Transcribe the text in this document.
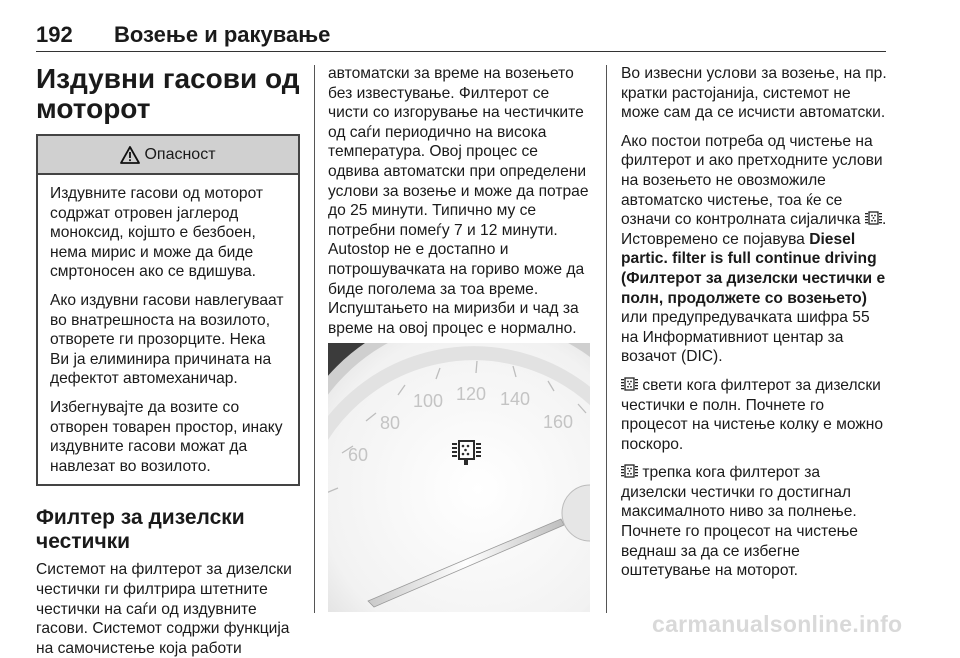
192 Возење и ракување
Издувни гасови од
моторот
Опасност

Издувните гасови од моторот содржат отровен јаглерод моноксид, којшто е безбоен, нема мирис и може да биде смртоносен ако се вдишува.

Ако издувни гасови навлегуваат во внатрешноста на возилото, отворете ги прозорците. Нека Ви ја елиминира причината на дефектот автомеханичар.

Избегнувајте да возите со отворен товарен простор, инаку издувните гасови можат да навлезат во возилото.

Филтер за дизелски
честички

Системот на филтерот за дизелски честички ги филтрира штетните честички на саѓи од издувните гасови. Системот содржи функција на самочистење која работи

автоматски за време на возењето без известување. Филтерот се чисти со изгорување на честичките од саѓи периодично на висока температура. Овој процес се одвива автоматски при определени услови за возење и може да потрае до 25 минути. Типично му се потребни помеѓу 7 и 12 минути. Autostop не е достапно и потрошувачката на гориво може да биде поголема за тоа време. Испуштањето на миризби и чад за време на овој процес е нормално.

60
80
100 120 140
160

Во извесни услови за возење, на пр. кратки растојанија, системот не може сам да се исчисти автоматски.

Ако постои потреба од чистење на филтерот и ако претходните услови на возењето не овозможиле автоматско чистење, тоа ќе се означи со контролната сијаличка . Истовремено се појавува Diesel partic. filter is full continue driving (Филтерот за дизелски честички е полн, продолжете со возењето) или предупредувачката шифра 55 на Информативниот центар за возачот (DIC).

свети кога филтерот за дизелски честички е полн. Почнете го процесот на чистење колку е можно поскоро.

трепка кога филтерот за дизелски честички го достигнал максималното ниво за полнење. Почнете го процесот на чистење веднаш за да се избегне оштетување на моторот.

carmanualsonline.info
